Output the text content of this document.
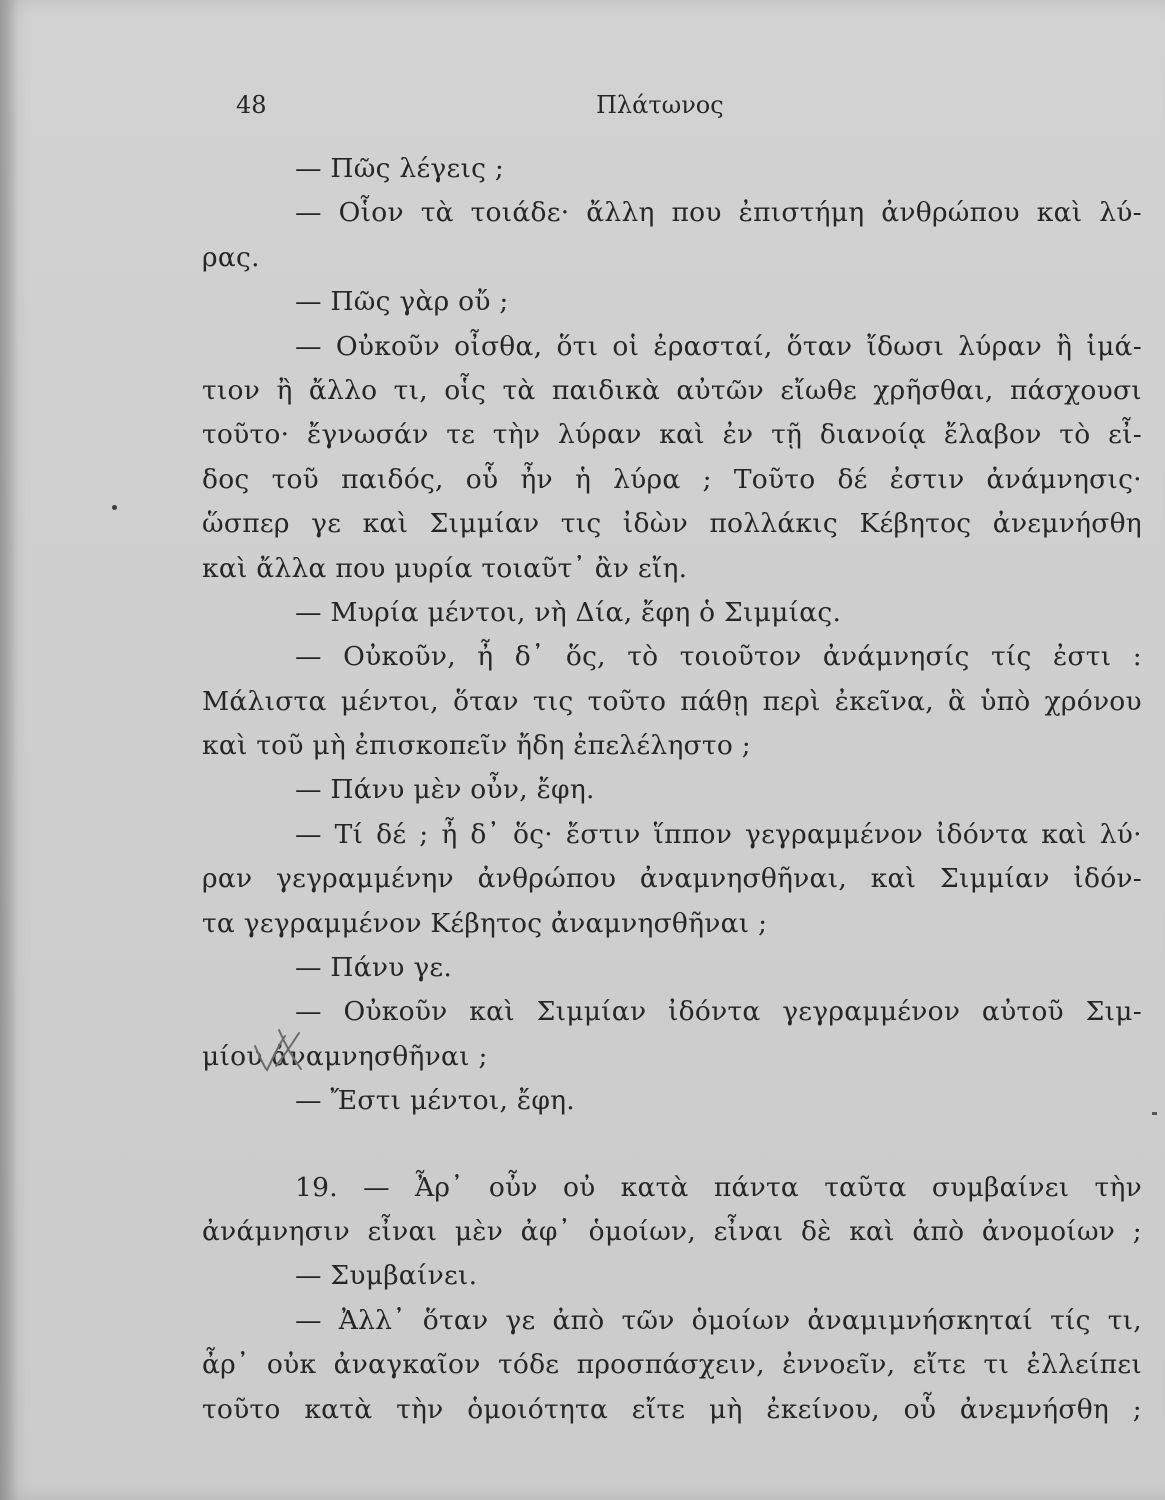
48	Πλάτωνος
— Πῶς λέγεις ;
— Οἷον τὰ τοιάδε· ἄλλη που ἐπιστήμη ἀνθρώπου καὶ λύ-
ρας.
— Πῶς γὰρ οὔ ;
— Οὐκοῦν οἶσθα, ὅτι οἱ ἐρασταί, ὅταν ἴδωσι λύραν ἢ ἱμά-
τιον ἢ ἄλλο τι, οἷς τὰ παιδικὰ αὐτῶν εἴωθε χρῆσθαι, πάσχουσι
τοῦτο· ἔγνωσάν τε τὴν λύραν καὶ ἐν τῇ διανοίᾳ ἔλαβον τὸ εἶ-
δος τοῦ παιδός, οὗ ἦν ἡ λύρα ; Τοῦτο δέ ἐστιν ἀνάμνησις·
ὥσπερ γε καὶ Σιμμίαν τις ἰδὼν πολλάκις Κέβητος ἀνεμνήσθη
καὶ ἄλλα που μυρία τοιαῦτ᾽ ἂν εἴη.
— Μυρία μέντοι, νὴ Δία, ἔφη ὁ Σιμμίας.
— Οὐκοῦν, ἦ δ᾽ ὅς, τὸ τοιοῦτον ἀνάμνησίς τίς ἐστι :
Μάλιστα μέντοι, ὅταν τις τοῦτο πάθῃ περὶ ἐκεῖνα, ἃ ὑπὸ χρόνου
καὶ τοῦ μὴ ἐπισκοπεῖν ἤδη ἐπελέληστο ;
— Πάνυ μὲν οὖν, ἔφη.
— Τί δέ ; ἦ δ᾽ ὅς· ἔστιν ἵππον γεγραμμένον ἰδόντα καὶ λύ·
ραν γεγραμμένην ἀνθρώπου ἀναμνησθῆναι, καὶ Σιμμίαν ἰδόν-
τα γεγραμμένον Κέβητος ἀναμνησθῆναι ;
— Πάνυ γε.
— Οὐκοῦν καὶ Σιμμίαν ἰδόντα γεγραμμένον αὐτοῦ Σιμ-
μίου ἀναμνησθῆναι ;
— Ἔστι μέντοι, ἔφη.
19. — Ἆρ᾽ οὖν οὐ κατὰ πάντα ταῦτα συμβαίνει τὴν
ἀνάμνησιν εἶναι μὲν ἀφ᾽ ὁμοίων, εἶναι δὲ καὶ ἀπὸ ἀνομοίων ;
— Συμβαίνει.
— Ἀλλ᾽ ὅταν γε ἀπὸ τῶν ὁμοίων ἀναμιμνήσκηταί τίς τι,
ἆρ᾽ οὐκ ἀναγκαῖον τόδε προσπάσχειν, ἐννοεῖν, εἴτε τι ἐλλείπει
τοῦτο κατὰ τὴν ὁμοιότητα εἴτε μὴ ἐκείνου, οὗ ἀνεμνήσθη ;
